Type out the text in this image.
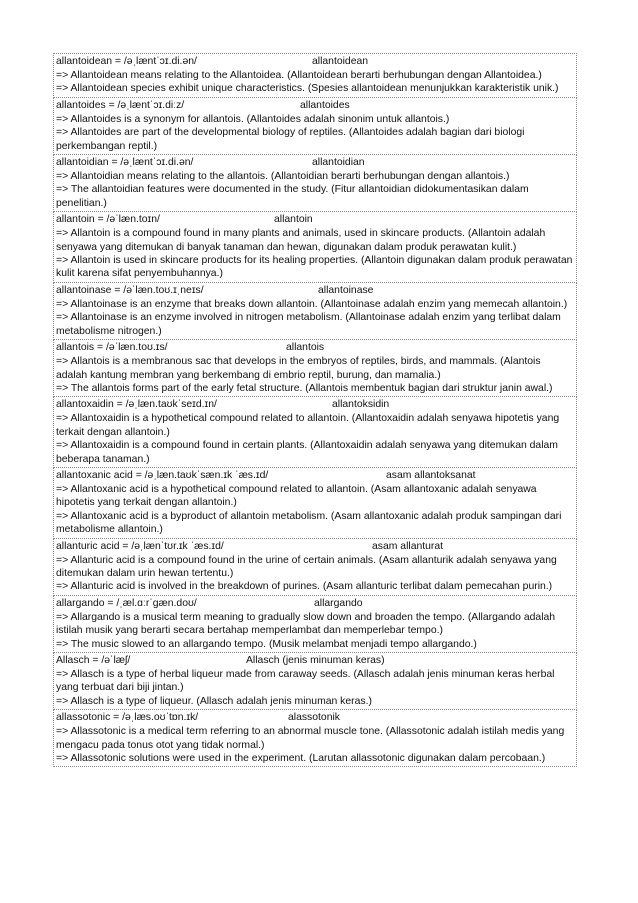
allantoidean = /əˌlæntˈɔɪ.di.ən/	allantoidean
=> Allantoidean means relating to the Allantoidea. (Allantoidean berarti berhubungan dengan Allantoidea.)
=> Allantoidean species exhibit unique characteristics. (Spesies allantoidean menunjukkan karakteristik unik.)
allantoides = /əˌlæntˈɔɪ.diːz/	allantoides
=> Allantoides is a synonym for allantois. (Allantoides adalah sinonim untuk allantois.)
=> Allantoides are part of the developmental biology of reptiles. (Allantoides adalah bagian dari biologi perkembangan reptil.)
allantoidian = /əˌlæntˈɔɪ.di.ən/	allantoidian
=> Allantoidian means relating to the allantois. (Allantoidian berarti berhubungan dengan allantois.)
=> The allantoidian features were documented in the study. (Fitur allantoidian didokumentasikan dalam penelitian.)
allantoin = /əˈlæn.toɪn/	allantoin
=> Allantoin is a compound found in many plants and animals, used in skincare products. (Allantoin adalah senyawa yang ditemukan di banyak tanaman dan hewan, digunakan dalam produk perawatan kulit.)
=> Allantoin is used in skincare products for its healing properties. (Allantoin digunakan dalam produk perawatan kulit karena sifat penyembuhannya.)
allantoinase = /əˈlæn.toʊ.ɪˌneɪs/	allantoinase
=> Allantoinase is an enzyme that breaks down allantoin. (Allantoinase adalah enzim yang memecah allantoin.)
=> Allantoinase is an enzyme involved in nitrogen metabolism. (Allantoinase adalah enzim yang terlibat dalam metabolisme nitrogen.)
allantois = /əˈlæn.toʊ.ɪs/	allantois
=> Allantois is a membranous sac that develops in the embryos of reptiles, birds, and mammals. (Alantois adalah kantung membran yang berkembang di embrio reptil, burung, dan mamalia.)
=> The allantois forms part of the early fetal structure. (Allantois membentuk bagian dari struktur janin awal.)
allantoxaidin = /əˌlæn.taʊkˈseɪd.ɪn/	allantoksidin
=> Allantoxaidin is a hypothetical compound related to allantoin. (Allantoxaidin adalah senyawa hipotetis yang terkait dengan allantoin.)
=> Allantoxaidin is a compound found in certain plants. (Allantoxaidin adalah senyawa yang ditemukan dalam beberapa tanaman.)
allantoxanic acid = /əˌlæn.taʊkˈsæn.ɪk ˈæs.ɪd/	asam allantoksanat
=> Allantoxanic acid is a hypothetical compound related to allantoin. (Asam allantoxanic adalah senyawa hipotetis yang terkait dengan allantoin.)
=> Allantoxanic acid is a byproduct of allantoin metabolism. (Asam allantoxanic adalah produk sampingan dari metabolisme allantoin.)
allanturic acid = /əˌlænˈtʊr.ɪk ˈæs.ɪd/	asam allanturat
=> Allanturic acid is a compound found in the urine of certain animals. (Asam allanturik adalah senyawa yang ditemukan dalam urin hewan tertentu.)
=> Allanturic acid is involved in the breakdown of purines. (Asam allanturic terlibat dalam pemecahan purin.)
allargando = /ˌæl.ɑːrˈɡæn.doʊ/	allargando
=> Allargando is a musical term meaning to gradually slow down and broaden the tempo. (Allargando adalah istilah musik yang berarti secara bertahap memperlambat dan memperlebar tempo.)
=> The music slowed to an allargando tempo. (Musik melambat menjadi tempo allargando.)
Allasch = /əˈlæʃ/	Allasch (jenis minuman keras)
=> Allasch is a type of herbal liqueur made from caraway seeds. (Allasch adalah jenis minuman keras herbal yang terbuat dari biji jintan.)
=> Allasch is a type of liqueur. (Allasch adalah jenis minuman keras.)
allassotonic = /əˌlæs.oʊˈtɒn.ɪk/	alassotonik
=> Allassotonic is a medical term referring to an abnormal muscle tone. (Allassotonic adalah istilah medis yang mengacu pada tonus otot yang tidak normal.)
=> Allassotonic solutions were used in the experiment. (Larutan allassotonic digunakan dalam percobaan.)
